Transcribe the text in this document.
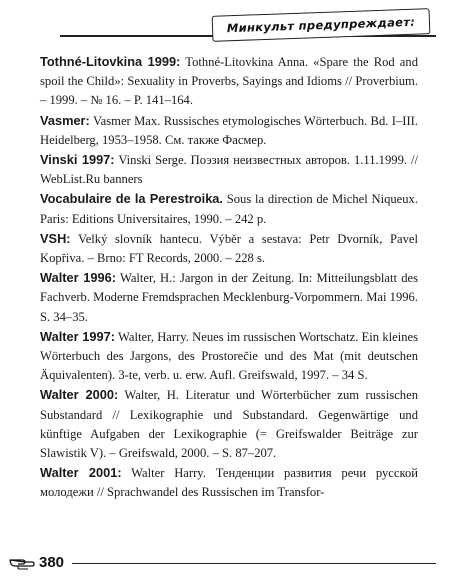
Минкульт предупреждает:

Tothné-Litovkina 1999: Tothné-Litovkina Anna. «Spare the Rod and spoil the Child»: Sexuality in Proverbs, Sayings and Idioms // Proverbium. – 1999. – № 16. – P. 141–164.

Vasmer: Vasmer Max. Russisches etymologisches Wörterbuch. Bd. I–III. Heidelberg, 1953–1958. См. также Фасмер.

Vinski 1997: Vinski Serge. Поэзия неизвестных авторов. 1.11.1999. // WebList.Ru banners

Vocabulaire de la Perestroika. Sous la direction de Michel Niqueux. Paris: Editions Universitaires, 1990. – 242 p.

VSH: Velký slovník hantecu. Výběr a sestava: Petr Dvorník, Pavel Kopřiva. – Brno: FT Records, 2000. – 228 s.

Walter 1996: Walter, H.: Jargon in der Zeitung. In: Mitteilungsblatt des Fachverb. Moderne Fremdsprachen Mecklenburg-Vorpommern. Mai 1996. S. 34–35.

Walter 1997: Walter, Harry. Neues im russischen Wortschatz. Ein kleines Wörterbuch des Jargons, des Prostorečie und des Mat (mit deutschen Äquivalenten). 3-te, verb. u. erw. Aufl. Greifswald, 1997. – 34 S.

Walter 2000: Walter, H. Literatur und Wörterbücher zum russischen Substandard // Lexikographie und Substandard. Gegenwärtige und künftige Aufgaben der Lexikographie (= Greifswalder Beiträge zur Slawistik V). – Greifswald, 2000. – S. 87–207.

Walter 2001: Walter Harry. Тенденции развития речи русской молодежи // Sprachwandel des Russischen im Transfor-

380
